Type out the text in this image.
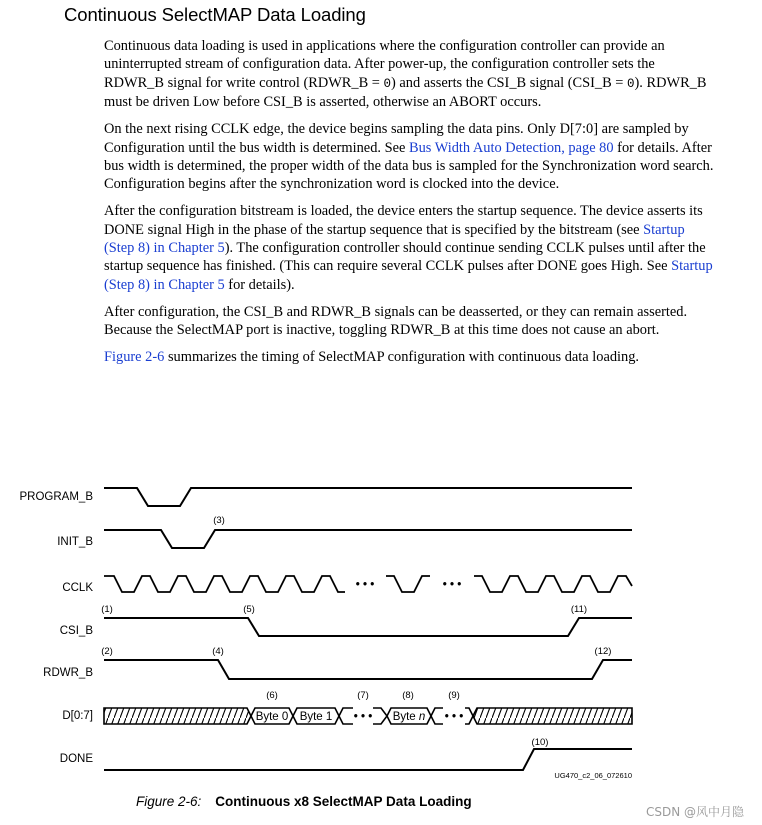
Continuous SelectMAP Data Loading

Continuous data loading is used in applications where the configuration controller can provide an uninterrupted stream of configuration data. After power-up, the configuration controller sets the RDWR_B signal for write control (RDWR_B = 0) and asserts the CSI_B signal (CSI_B = 0). RDWR_B must be driven Low before CSI_B is asserted, otherwise an ABORT occurs.

On the next rising CCLK edge, the device begins sampling the data pins. Only D[7:0] are sampled by Configuration until the bus width is determined. See Bus Width Auto Detection, page 80 for details. After bus width is determined, the proper width of the data bus is sampled for the Synchronization word search. Configuration begins after the synchronization word is clocked into the device.

After the configuration bitstream is loaded, the device enters the startup sequence. The device asserts its DONE signal High in the phase of the startup sequence that is specified by the bitstream (see Startup (Step 8) in Chapter 5). The configuration controller should continue sending CCLK pulses until after the startup sequence has finished. (This can require several CCLK pulses after DONE goes High. See Startup (Step 8) in Chapter 5 for details).

After configuration, the CSI_B and RDWR_B signals can be deasserted, or they can remain asserted. Because the SelectMAP port is inactive, toggling RDWR_B at this time does not cause an abort.

Figure 2-6 summarizes the timing of SelectMAP configuration with continuous data loading.

PROGRAM_B
INIT_B
CCLK
CSI_B
RDWR_B
D[0:7]
DONE
Byte 0 Byte 1	Byte n
• • •	• • •
• • •	• • •
(1)
(2)
(3)
(4)
(5)
(6)	(7)	(8)	(9)
(10)
(11)
(12)
UG470_c2_06_072610
Figure 2-6: Continuous x8 SelectMAP Data Loading
CSDN @风中月隐
